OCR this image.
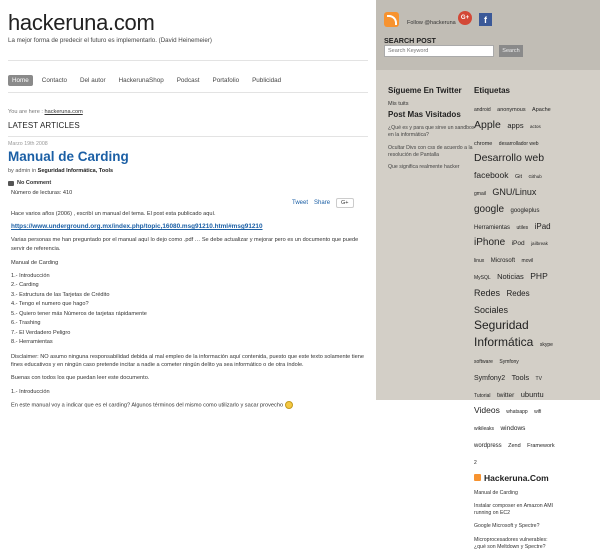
hackeruna.com
La mejor forma de predecir el futuro es implementarlo. (David Heinemeier)
Home	Contacto	Del autor	HackerunaShop	Podcast	Portafolio	Publicidad
You are here : hackeruna.com
LATEST ARTICLES
Marzo 19th 2008
Manual de Carding
by admin in Seguridad Informática, Tools
No Comment
Número de lecturas: 410
Tweet Share	G+
Hace varios años (2006) , escribí un manual del tema. El post esta publicado aquí.
https://www.underground.org.mx/index.php/topic,16080.msg91210.html#msg91210
Varias personas me han preguntado por el manual aquí lo dejo como .pdf … Se debe actualizar y mejorar pero es un documento que puede servir de referencia.
Manual de Carding
1.- Introducción
2.- Carding
3.- Estructura de las Tarjetas de Crédito
4.- Tengo el numero que hago?
5.- Quiero tener más Números de tarjetas rápidamente
6.- Trashing
7.- El Verdadero Peligro
8.- Herramientas
Disclaimer: NO asumo ninguna responsabilidad debida al mal empleo de la información aquí contenida, puesto que este texto solamente tiene fines educativos y en ningún caso pretende incitar a nadie a cometer ningún delito ya sea informático o de otra índole.
Buenas con todos los que puedan leer este documento.
1.- Introducción
En este manual voy a indicar que es el carding? Algunos términos del mismo como utilizarlo y sacar provecho
Follow @hackeruna
G+	f
SEARCH POST
Search Keyword
Search
Sígueme En Twitter
Mis tuits
Post Mas Visitados
¿Qué es y para que sirve un sandbox en la informática?
Ocultar Divs con css de acuerdo a la resolución de Pantalla
Que significa realmente hacker
Etiquetas
android anonymous Apache Apple apps actos chrome desarrollador web Desarrollo web facebook Git Github gmail GNU/Linux google googleplus Herramientas utiles iPad iPhone iPod jailbreak linux Microsoft movil MySQL Noticias PHP Redes Redes Sociales Seguridad Informática skype software Symfony Symfony2 Tools TV Tutorial twitter ubuntu Videos whatsapp wifi wikileaks windows wordpress Zend Framework 2
Hackeruna.Com
Manual de Carding
Instalar composer en Amazon AMI running on EC2
Google Microsoft y Spectre?
Microprocesadores vulnerables: ¿qué son Meltdown y Spectre?
